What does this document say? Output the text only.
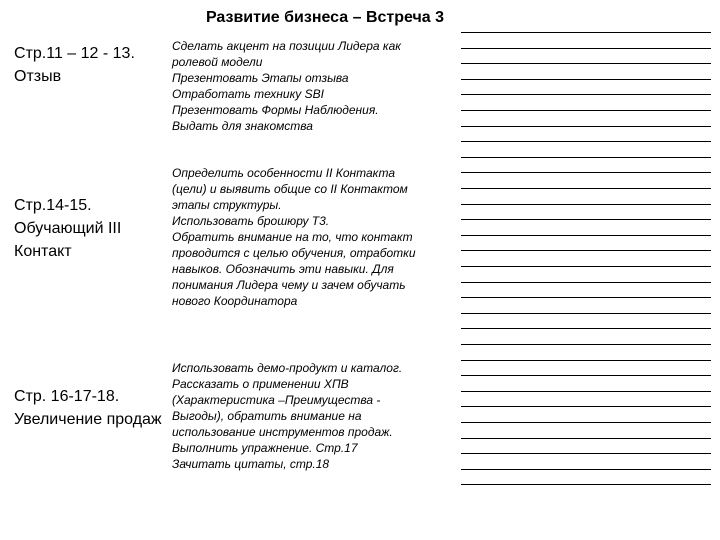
Развитие бизнеса – Встреча 3
Стр.11 – 12 - 13. Отзыв
Сделать акцент на позиции Лидера как
ролевой модели
Презентовать Этапы отзыва
Отработать технику SBI
Презентовать Формы Наблюдения.
Выдать для знакомства
Стр.14-15. Обучающий III Контакт
Определить особенности II Контакта
(цели) и выявить общие со II Контактом
этапы структуры.
Использовать брошюру Т3.
Обратить внимание на то, что контакт
проводится с целью обучения, отработки
навыков. Обозначить эти навыки. Для
понимания Лидера чему и зачем обучать
нового Координатора
Стр. 16-17-18. Увеличение продаж
Использовать демо-продукт и каталог.
Рассказать о применении ХПВ
(Характеристика –Преимущества -
Выгоды), обратить внимание на
использование инструментов продаж.
Выполнить упражнение. Стр.17
Зачитать цитаты, стр.18
